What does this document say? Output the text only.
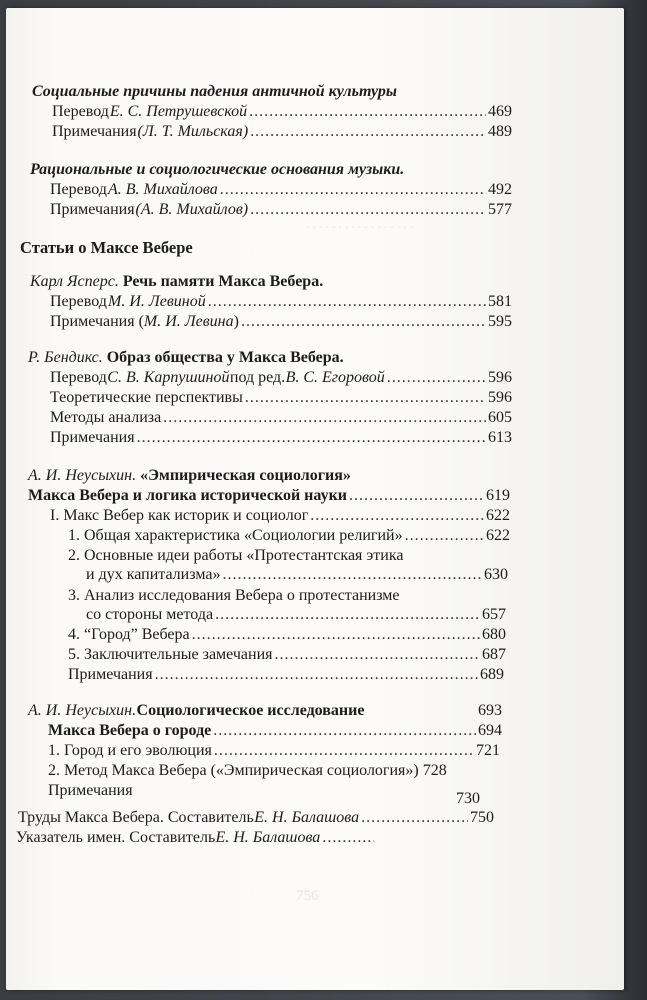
. . . . . . . . . . . . . . . . .
756
Социальные причины падения античной культуры
Перевод Е. С. Петрушевской .....	469
Примечания (Л. Т. Мильская) .....	489
Рациональные и социологические основания музыки.
Перевод А. В. Михайлова .....	492
Примечания (А. В. Михайлов) .....	577
Статьи о Максе Вебере
Карл Ясперс. Речь памяти Макса Вебера.
Перевод М. И. Левиной .....	581
Примечания ( М. И. Левина ) .....	595
Р. Бендикс. Образ общества у Макса Вебера.
Перевод С. В. Карпушиной под ред. В. С. Егоровой .....	596
Теоретические перспективы .....	596
Методы анализа .....	605
Примечания .....	613
А. И. Неусыхин. «Эмпирическая социология»
Макса Вебера и логика исторической науки .....	619
I. Макс Вебер как историк и социолог .....	622
1. Общая характеристика «Социологии религий» .....	622
2. Основные идеи работы «Протестантская этика
и дух капитализма» .....	630
3. Анализ исследования Вебера о протестанизме
со стороны метода .....	657
4. “Город” Вебера .....	680
5. Заключительные замечания .....	687
Примечания .....	689
А. И. Неусыхин. Социологическое исследование	693
Макса Вебера о городе .....	694
1. Город и его эволюция .....	721
2. Метод Макса Вебера («Эмпирическая социология») 728
Примечания	730
Труды Макса Вебера. Составитель Е. Н. Балашова .....	750
Указатель имен. Составитель Е. Н. Балашова
.....
